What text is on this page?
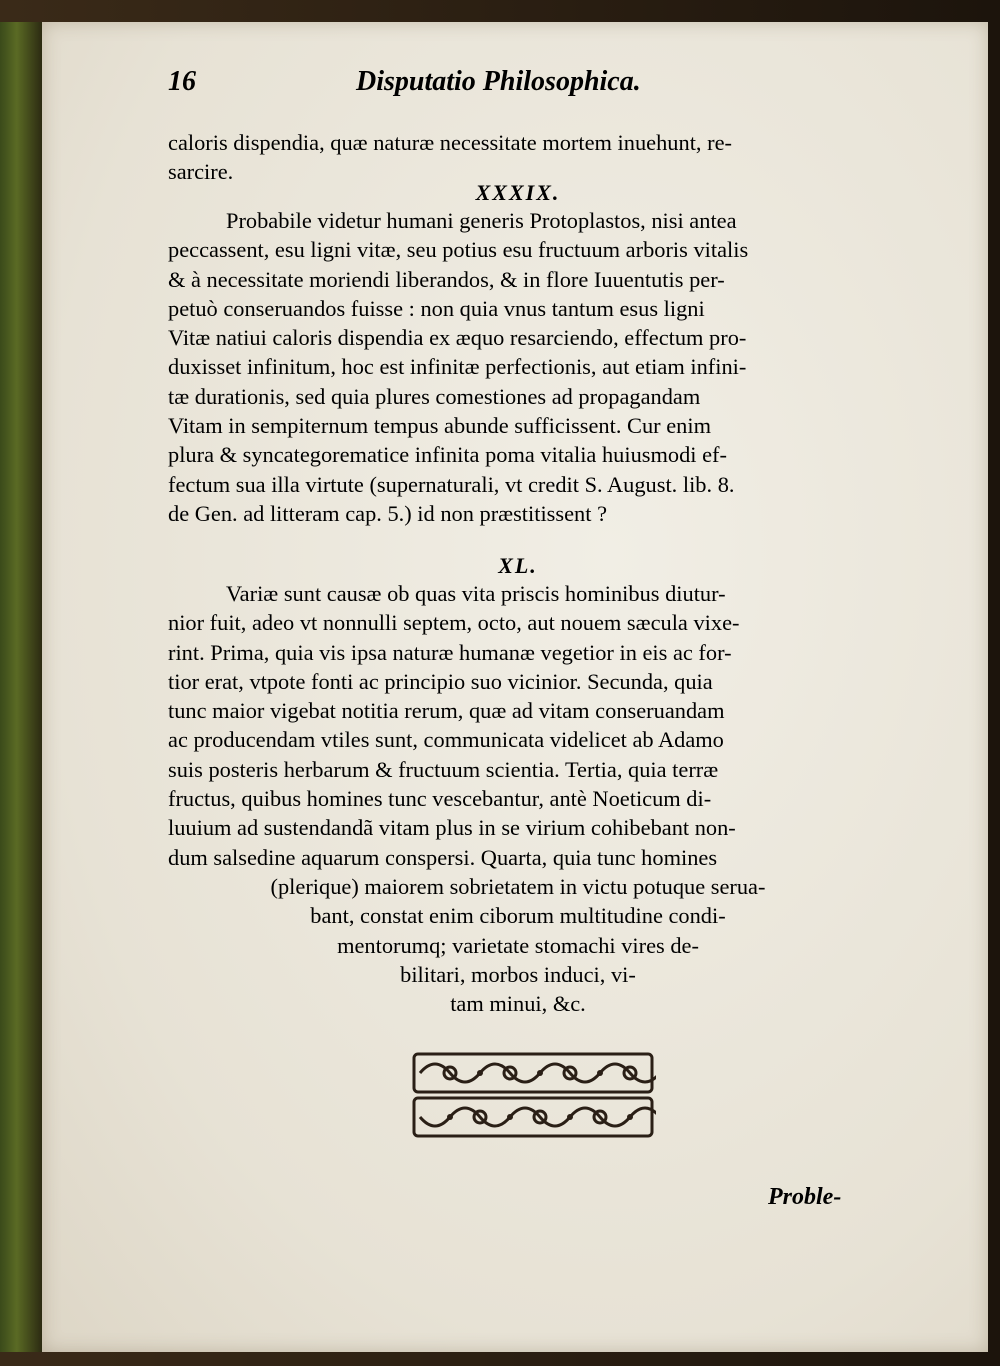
16	Disputatio Philosophica.

caloris dispendia, quæ naturæ necessitate mortem inuehunt, re-

sarcire.

XXXIX.

Probabile videtur humani generis Protoplastos, nisi antea

peccassent, esu ligni vitæ, seu potius esu fructuum arboris vitalis

& à necessitate moriendi liberandos, & in flore Iuuentutis per-

petuò conseruandos fuisse : non quia vnus tantum esus ligni

Vitæ natiui caloris dispendia ex æquo resarciendo, effectum pro-

duxisset infinitum, hoc est infinitæ perfectionis, aut etiam infini-

tæ durationis, sed quia plures comestiones ad propagandam

Vitam in sempiternum tempus abunde sufficissent. Cur enim

plura & syncategorematice infinita poma vitalia huiusmodi ef-

fectum sua illa virtute (supernaturali, vt credit S. August. lib. 8.

de Gen. ad litteram cap. 5.) id non præstitissent ?

XL.

Variæ sunt causæ ob quas vita priscis hominibus diutur-

nior fuit, adeo vt nonnulli septem, octo, aut nouem sæcula vixe-

rint. Prima, quia vis ipsa naturæ humanæ vegetior in eis ac for-

tior erat, vtpote fonti ac principio suo vicinior. Secunda, quia

tunc maior vigebat notitia rerum, quæ ad vitam conseruandam

ac producendam vtiles sunt, communicata videlicet ab Adamo

suis posteris herbarum & fructuum scientia. Tertia, quia terræ

fructus, quibus homines tunc vescebantur, antè Noeticum di-

luuium ad sustendandã vitam plus in se virium cohibebant non-

dum salsedine aquarum conspersi. Quarta, quia tunc homines

(plerique) maiorem sobrietatem in victu potuque serua-
bant, constat enim ciborum multitudine condi-
mentorumq; varietate stomachi vires de-
bilitari, morbos induci, vi-
tam minui, &c.
Proble-
